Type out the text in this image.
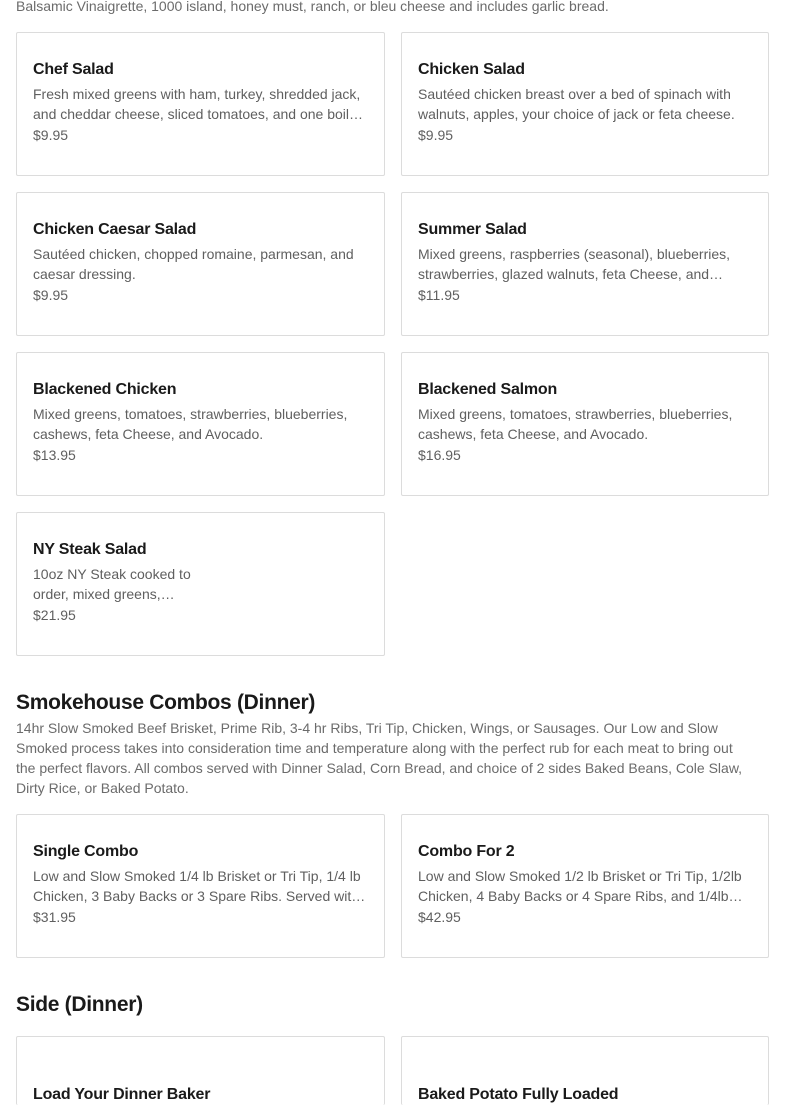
Balsamic Vinaigrette, 1000 island, honey must, ranch, or bleu cheese and includes garlic bread.

Chef Salad

Fresh mixed greens with ham, turkey, shredded jack, and cheddar cheese, sliced tomatoes, and one boiled

$9.95

Chicken Salad

Sautéed chicken breast over a bed of spinach with walnuts, apples, your choice of jack or feta cheese.

$9.95

Chicken Caesar Salad

Sautéed chicken, chopped romaine, parmesan, and caesar dressing.

$9.95

Summer Salad

Mixed greens, raspberries (seasonal), blueberries, strawberries, glazed walnuts, feta Cheese, and

$11.95

Blackened Chicken

Mixed greens, tomatoes, strawberries, blueberries, cashews, feta Cheese, and Avocado.

$13.95

Blackened Salmon

Mixed greens, tomatoes, strawberries, blueberries, cashews, feta Cheese, and Avocado.

$16.95

NY Steak Salad

10oz NY Steak cooked to order, mixed greens,

$21.95

Smokehouse Combos (Dinner)

14hr Slow Smoked Beef Brisket, Prime Rib, 3-4 hr Ribs, Tri Tip, Chicken, Wings, or Sausages. Our Low and Slow Smoked process takes into consideration time and temperature along with the perfect rub for each meat to bring out the perfect flavors. All combos served with Dinner Salad, Corn Bread, and choice of 2 sides Baked Beans, Cole Slaw, Dirty Rice, or Baked Potato.

Single Combo

Low and Slow Smoked 1/4 lb Brisket or Tri Tip, 1/4 lb Chicken, 3 Baby Backs or 3 Spare Ribs. Served with

$31.95

Combo For 2

Low and Slow Smoked 1/2 lb Brisket or Tri Tip, 1/2lb Chicken, 4 Baby Backs or 4 Spare Ribs, and 1/4lb

$42.95

Side (Dinner)

Load Your Dinner Baker	Baked Potato Fully Loaded
